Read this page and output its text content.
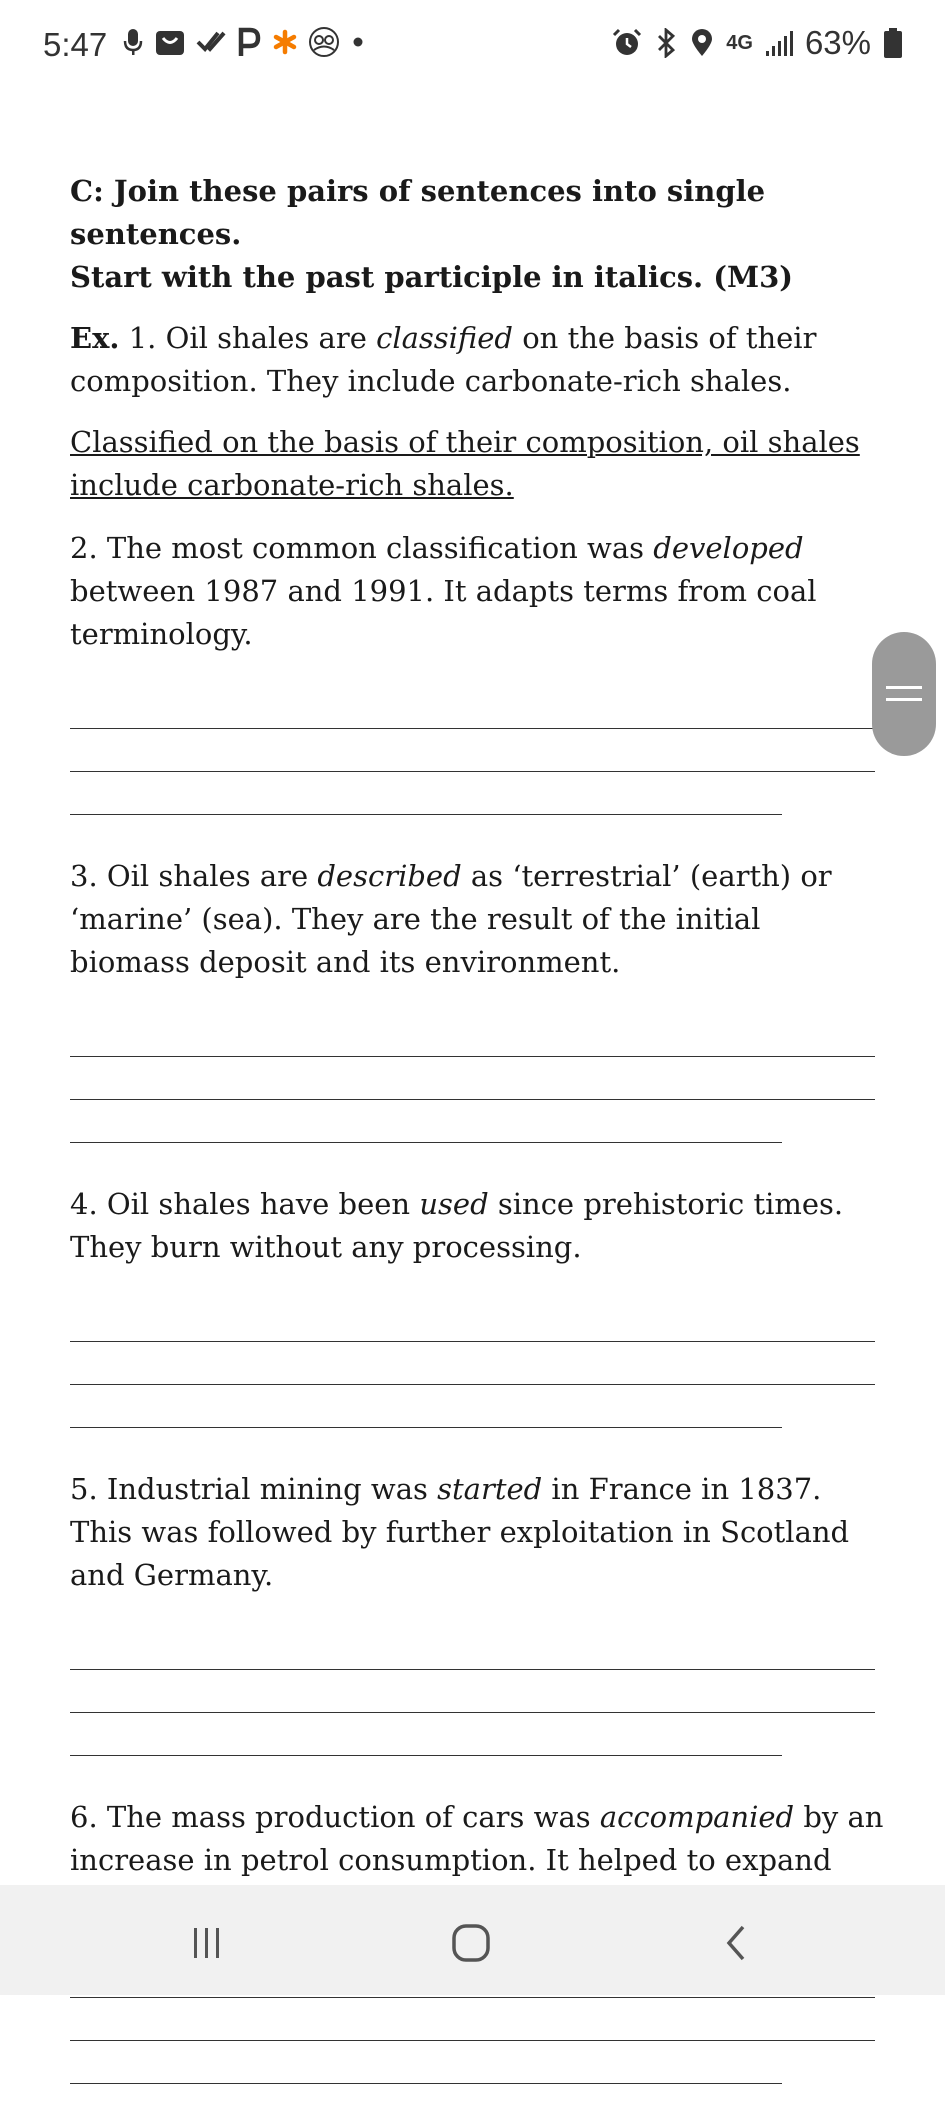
5:47	4G 63%

C: Join these pairs of sentences into single sentences.
Start with the past participle in italics. (M3)

Ex. 1. Oil shales are classified on the basis of their composition. They include carbonate-rich shales.

Classified on the basis of their composition, oil shales include carbonate-rich shales.

2. The most common classification was developed between 1987 and 1991. It adapts terms from coal terminology.

3. Oil shales are described as ‘terrestrial’ (earth) or ‘marine’ (sea). They are the result of the initial biomass deposit and its environment.

4. Oil shales have been used since prehistoric times. They burn without any processing.

5. Industrial mining was started in France in 1837. This was followed by further exploitation in Scotland and Germany.

6. The mass production of cars was accompanied by an increase in petrol consumption. It helped to expand
